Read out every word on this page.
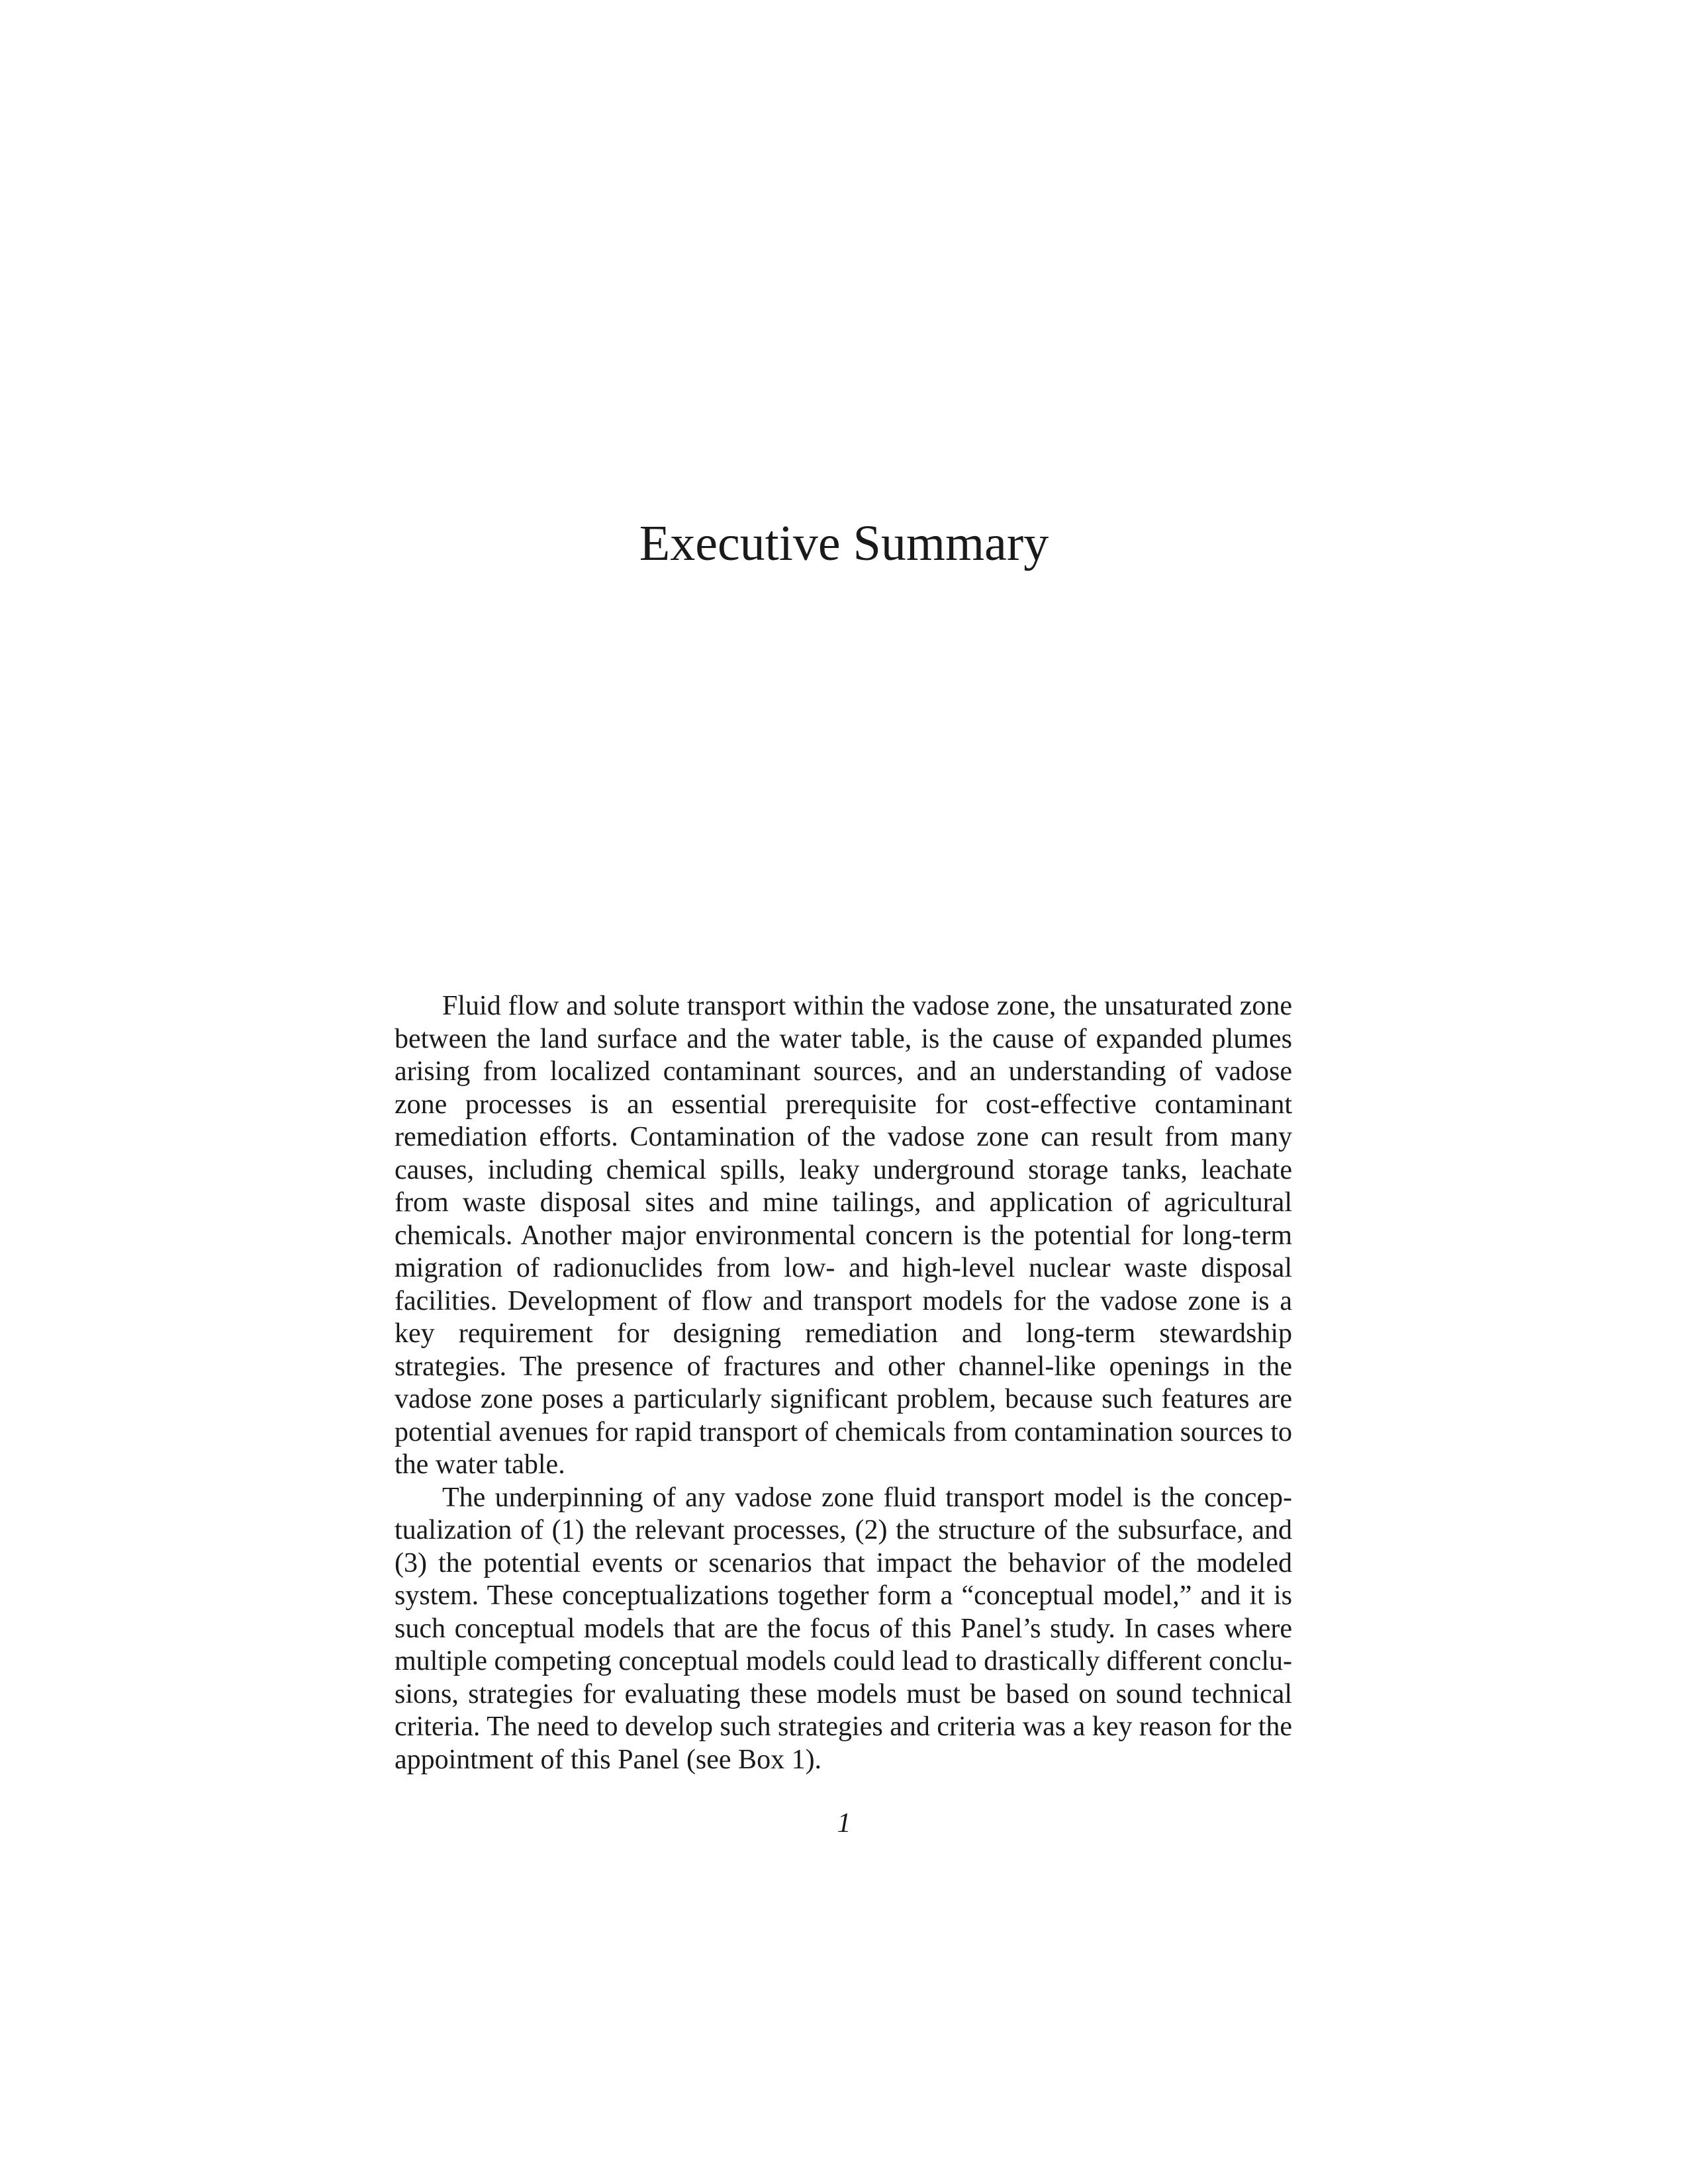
Executive Summary

Fluid flow and solute transport within the vadose zone, the unsaturated zone between the land surface and the water table, is the cause of expanded plumes arising from localized contaminant sources, and an understanding of vadose zone processes is an essential prerequisite for cost-effective contaminant remediation efforts. Contamination of the vadose zone can result from many causes, including chemical spills, leaky underground storage tanks, leachate from waste disposal sites and mine tailings, and application of agricultural chemicals. Another major environmental concern is the potential for long-term migration of radionuclides from low- and high-level nuclear waste disposal facilities. Development of flow and transport models for the vadose zone is a key requirement for designing remediation and long-term stewardship strategies. The presence of fractures and other channel-like openings in the vadose zone poses a particularly significant problem, because such features are potential avenues for rapid transport of chemicals from contamination sources to the water table.

The underpinning of any vadose zone fluid transport model is the conceptualization of (1) the relevant processes, (2) the structure of the subsurface, and (3) the potential events or scenarios that impact the behavior of the modeled system. These conceptualizations together form a “conceptual model,” and it is such conceptual models that are the focus of this Panel’s study. In cases where multiple competing conceptual models could lead to drastically different conclusions, strategies for evaluating these models must be based on sound technical criteria. The need to develop such strategies and criteria was a key reason for the appointment of this Panel (see Box 1).

1
